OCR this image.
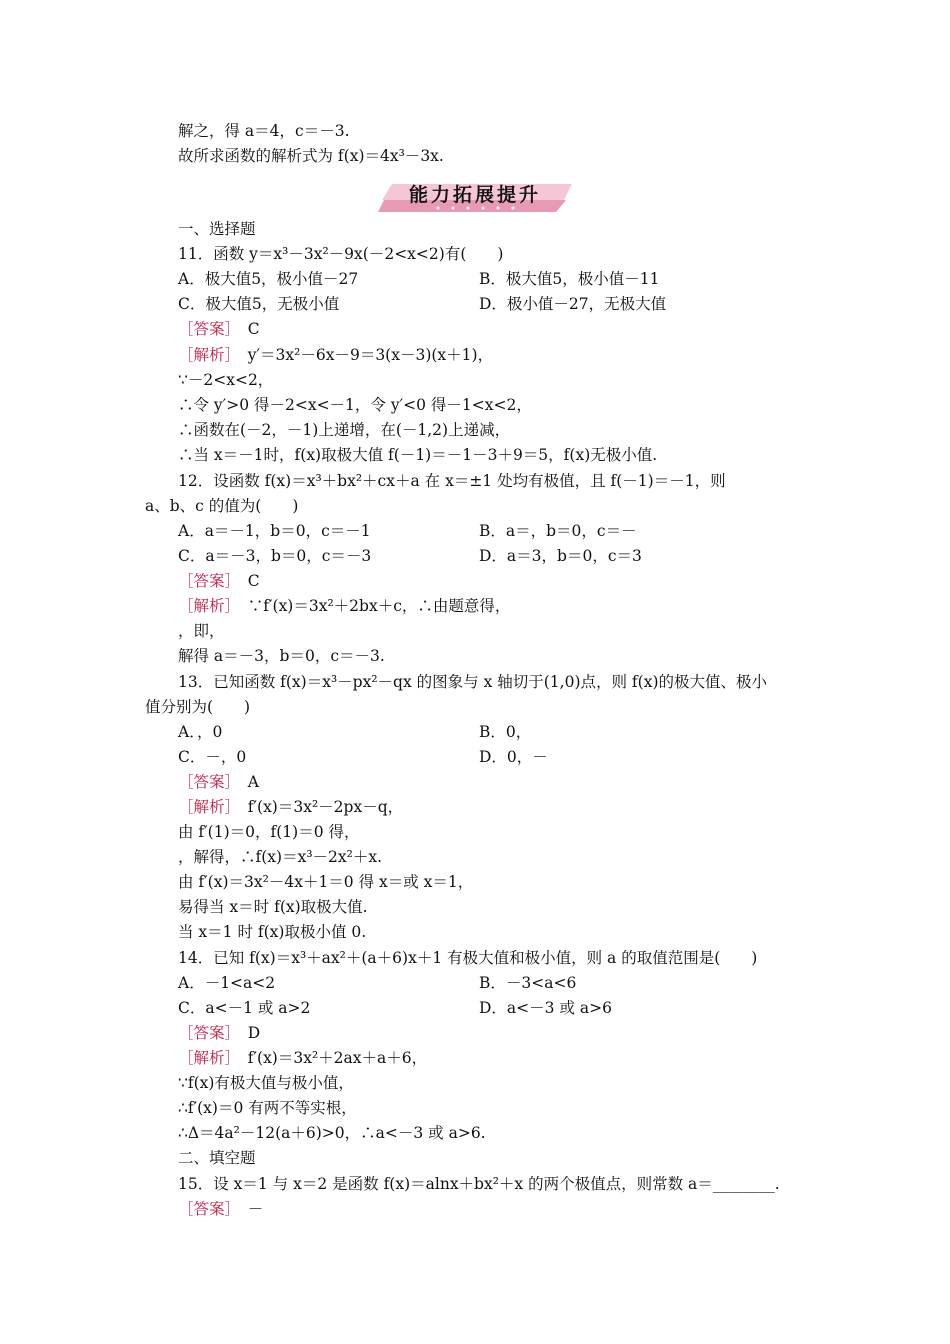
能力拓展提升
解之，得 a＝4，c＝－3.
故所求函数的解析式为 f(x)＝4x³－3x.
一、选择题
11．函数 y＝x³－3x²－9x(－2<x<2)有(　　)
A．极大值5，极小值－27	B．极大值5，极小值－11
C．极大值5，无极小值	D．极小值－27，无极大值
［答案］　C
［解析］　y′＝3x²－6x－9＝3(x－3)(x＋1)，
∵－2<x<2，
∴令 y′>0 得－2<x<－1，令 y′<0 得－1<x<2，
∴函数在(－2，－1)上递增，在(－1,2)上递减，
∴当 x＝－1时，f(x)取极大值 f(－1)＝－1－3＋9＝5，f(x)无极小值.
12．设函数 f(x)＝x³＋bx²＋cx＋a 在 x＝±1 处均有极值，且 f(－1)＝－1，则
a、b、c 的值为(　　)
A．a＝－1，b＝0，c＝－1	B．a＝，b＝0，c＝－
C．a＝－3，b＝0，c＝－3	D．a＝3，b＝0，c＝3
［答案］　C
［解析］　∵f′(x)＝3x²＋2bx＋c，∴由题意得，
，即，
解得 a＝－3，b＝0，c＝－3.
13．已知函数 f(x)＝x³－px²－qx 的图象与 x 轴切于(1,0)点，则 f(x)的极大值、极小
值分别为(　　)
A．，0	B．0，
C．－，0	D．0，－
［答案］　A
［解析］　f′(x)＝3x²－2px－q，
由 f′(1)＝0，f(1)＝0 得，
，解得，∴f(x)＝x³－2x²＋x.
由 f′(x)＝3x²－4x＋1＝0 得 x＝或 x＝1，
易得当 x＝时 f(x)取极大值.
当 x＝1 时 f(x)取极小值 0.
14．已知 f(x)＝x³＋ax²＋(a＋6)x＋1 有极大值和极小值，则 a 的取值范围是(　　)
A．－1<a<2	B．－3<a<6
C．a<－1 或 a>2	D．a<－3 或 a>6
［答案］　D
［解析］　f′(x)＝3x²＋2ax＋a＋6，
∵f(x)有极大值与极小值，
∴f′(x)＝0 有两不等实根，
∴Δ＝4a²－12(a＋6)>0，∴a<－3 或 a>6.
二、填空题
15．设 x＝1 与 x＝2 是函数 f(x)＝alnx＋bx²＋x 的两个极值点，则常数 a＝________.
［答案］　－
